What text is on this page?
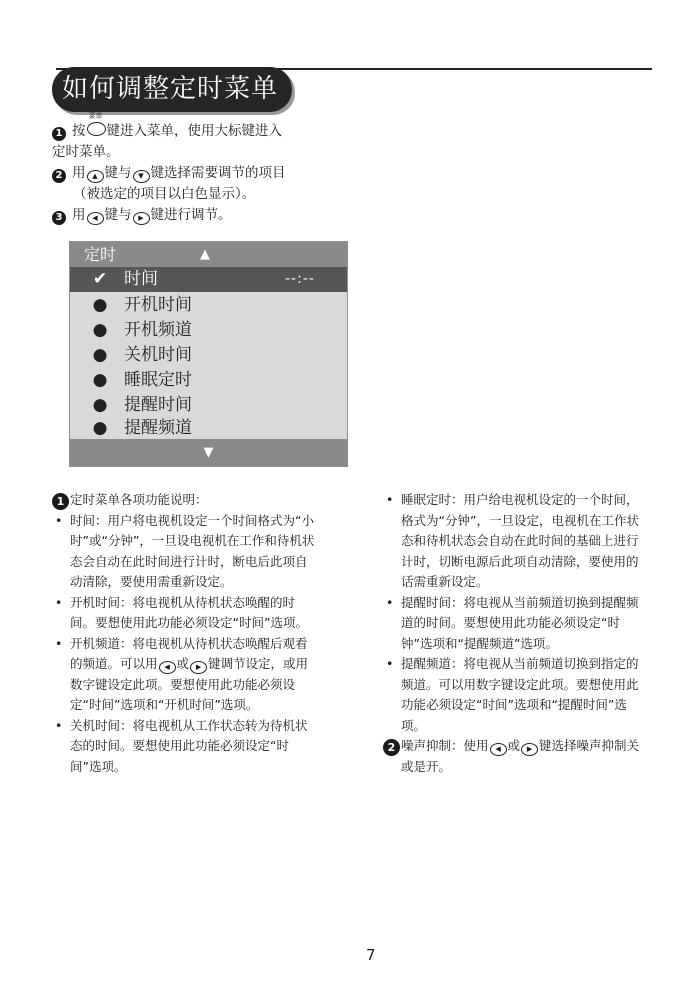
如何调整定时菜单

1 按
菜单
键进入菜单，使用大标键进入
定时菜单。

2 用 ▲ 键与 ▼ 键选择需要调节的项目
（被选定的项目以白色显示）。

3 用 ◀ 键与 ▶ 键进行调节。

定时	▲
✔ 时间	--:--
● 开机时间
● 开机频道
● 关机时间
● 睡眠定时
● 提醒时间
● 提醒频道
▼

1 定时菜单各项功能说明：

• 时间：用户将电视机设定一个时间格式为“小时”或“分钟”，一旦设电视机在工作和待机状态会自动在此时间进行计时，断电后此项自动清除，要使用需重新设定。

• 开机时间：将电视机从待机状态唤醒的时间。要想使用此功能必须设定“时间”选项。

• 开机频道：将电视机从待机状态唤醒后观看的频道。可以用 ◀ 或 ▶ 键调节设定，或用数字键设定此项。要想使用此功能必须设定“时间”选项和“开机时间”选项。

• 关机时间：将电视机从工作状态转为待机状态的时间。要想使用此功能必须设定“时间”选项。

• 睡眠定时：用户给电视机设定的一个时间，格式为“分钟”，一旦设定，电视机在工作状态和待机状态会自动在此时间的基础上进行计时，切断电源后此项自动清除，要使用的话需重新设定。

• 提醒时间：将电视从当前频道切换到提醒频道的时间。要想使用此功能必须设定“时钟”选项和“提醒频道”选项。

• 提醒频道：将电视从当前频道切换到指定的频道。可以用数字键设定此项。要想使用此功能必须设定“时间”选项和“提醒时间”选项。

2 噪声抑制：使用 ◀ 或 ▶ 键选择噪声抑制关或是开。

7
